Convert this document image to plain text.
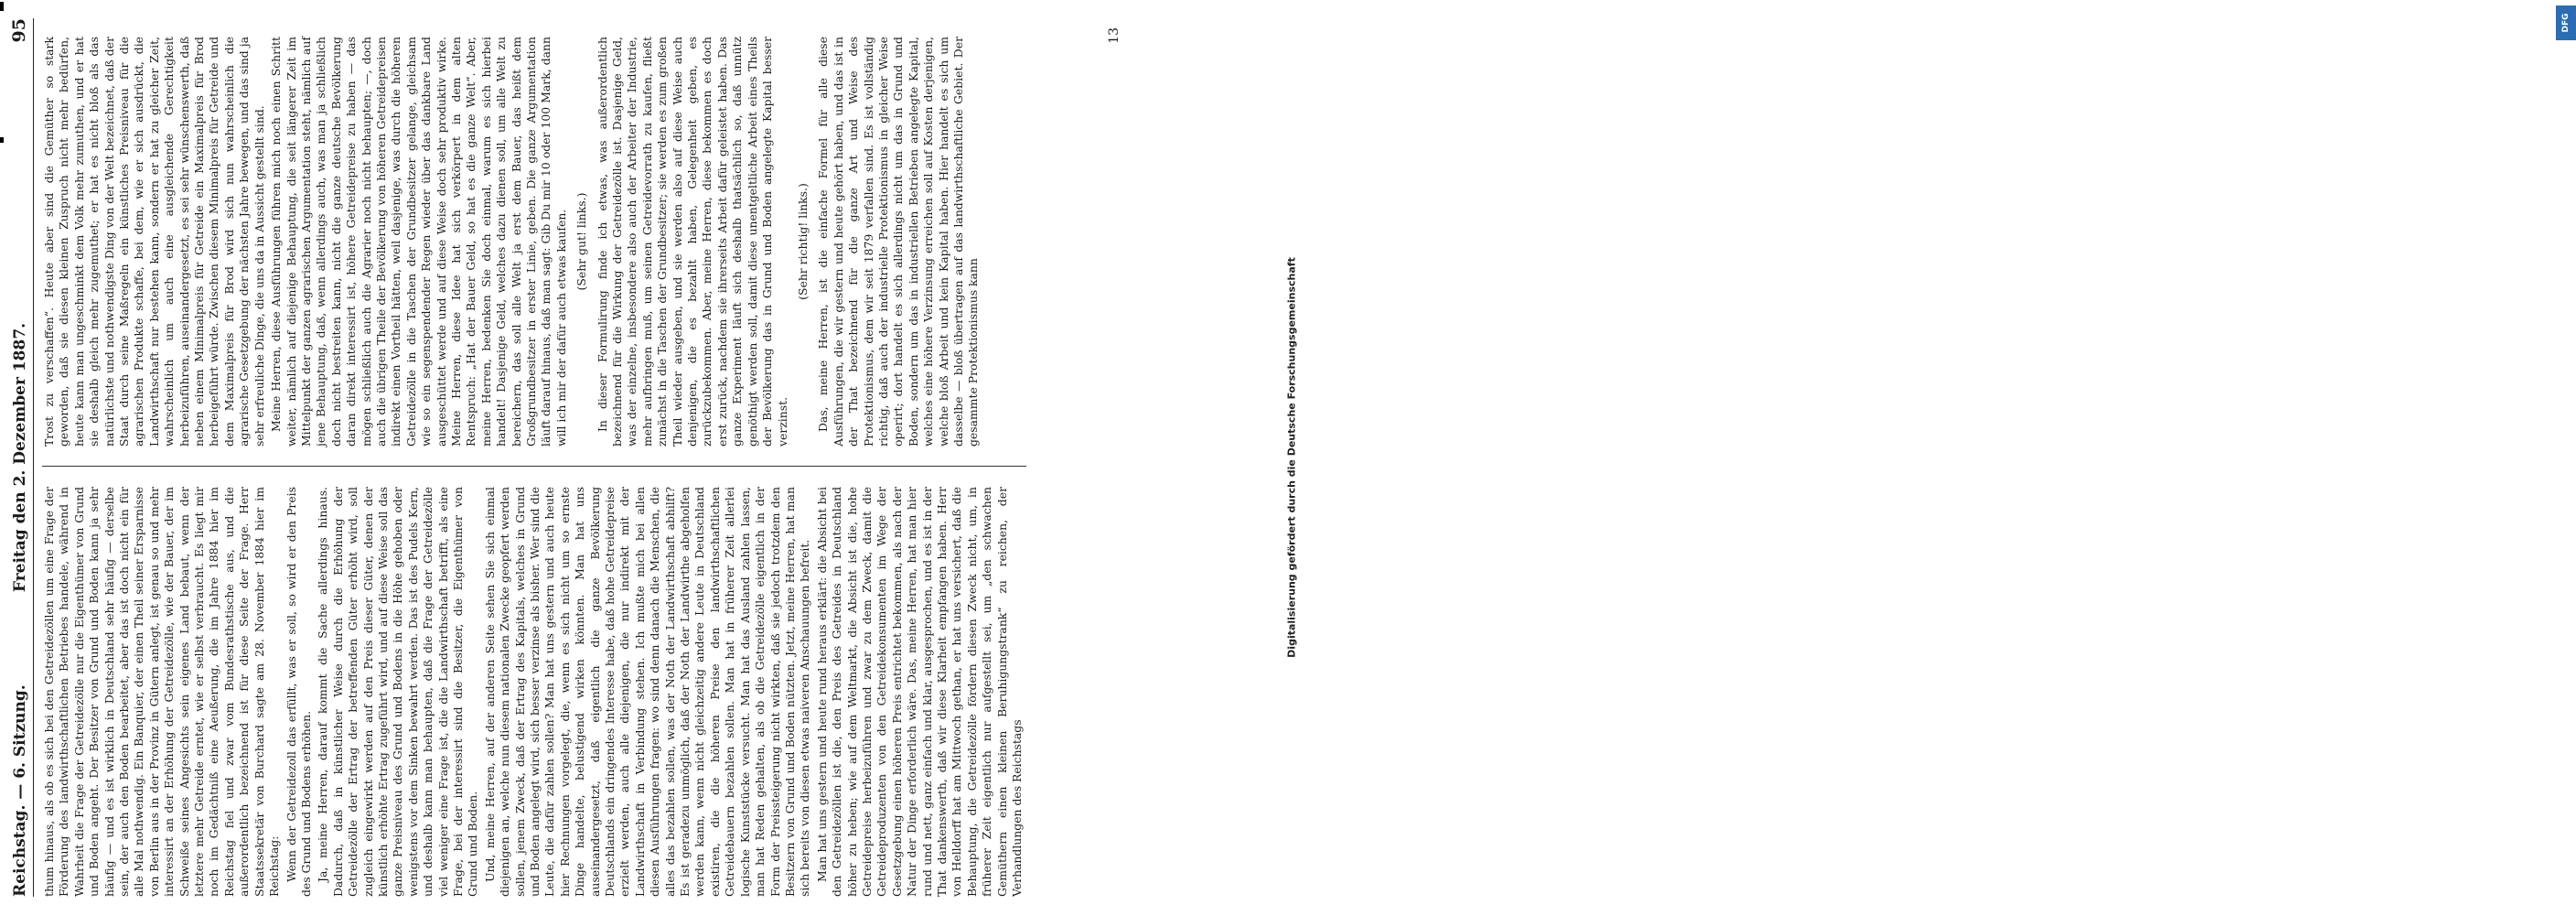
Reichstag. — 6. Sitzung.
Freitag den 2. Dezember 1887.
95

thum hinaus, als ob es sich bei den Getreidezöllen um eine Frage der Förderung des landwirthschaftlichen Betriebes handele, während in Wahrheit die Frage der Getreidezölle nur die Eigenthümer von Grund und Boden angeht. Der Besitzer von Grund und Boden kann ja sehr häufig — und es ist wirklich in Deutschland sehr häufig — derselbe sein, der auch den Boden bearbeitet, aber das ist doch nicht ein für alle Mal nothwendig. Ein Banquier, der einen Theil seiner Ersparnisse von Berlin aus in der Provinz in Gütern anlegt, ist genau so und mehr interessirt an der Erhöhung der Getreidezölle, wie der Bauer, der im Schweiße seines Angesichts sein eigenes Land bebaut, wenn der letztere mehr Getreide erntet, wie er selbst verbraucht. Es liegt mir noch im Gedächtniß eine Aeußerung, die im Jahre 1884 hier im Reichstag fiel und zwar vom Bundesrathstische aus, und die außerordentlich bezeichnend ist für diese Seite der Frage. Herr Staatssekretär von Burchard sagte am 28. November 1884 hier im Reichstag: Wenn der Getreidezoll das erfüllt, was er soll, so wird er den Preis des Grund und Bodens erhöhen. Ja, meine Herren, darauf kommt die Sache allerdings hinaus. Dadurch, daß in künstlicher Weise durch die Erhöhung der Getreidezölle der Ertrag der betreffenden Güter erhöht wird, soll zugleich eingewirkt werden auf den Preis dieser Güter, denen der künstlich erhöhte Ertrag zugeführt wird, und auf diese Weise soll das ganze Preisniveau des Grund und Bodens in die Höhe gehoben oder wenigstens vor dem Sinken bewahrt werden. Das ist des Pudels Kern, und deshalb kann man behaupten, daß die Frage der Getreidezölle viel weniger eine Frage ist, die die Landwirthschaft betrifft, als eine Frage, bei der interessirt sind die Besitzer, die Eigenthümer von Grund und Boden. Und, meine Herren, auf der anderen Seite sehen Sie sich einmal diejenigen an, welche nun diesem nationalen Zwecke geopfert werden sollen, jenem Zweck, daß der Ertrag des Kapitals, welches in Grund und Boden angelegt wird, sich besser verzinse als bisher. Wer sind die Leute, die dafür zahlen sollen? Man hat uns gestern und auch heute hier Rechnungen vorgelegt, die, wenn es sich nicht um so ernste Dinge handelte, belustigend wirken könnten. Man hat uns auseinandergesetzt, daß eigentlich die ganze Bevölkerung Deutschlands ein dringendes Interesse habe, daß hohe Getreidepreise erzielt werden, auch alle diejenigen, die nur indirekt mit der Landwirthschaft in Verbindung stehen. Ich mußte mich bei allen diesen Ausführungen fragen: wo sind denn danach die Menschen, die alles das bezahlen sollen, was der Noth der Landwirthschaft abhilft? Es ist geradezu unmöglich, daß der Noth der Landwirthe abgeholfen werden kann, wenn nicht gleichzeitig andere Leute in Deutschland existiren, die die höheren Preise den landwirthschaftlichen Getreidebauern bezahlen sollen. Man hat in früherer Zeit allerlei logische Kunststücke versucht. Man hat das Ausland zahlen lassen, man hat Reden gehalten, als ob die Getreidezölle eigentlich in der Form der Preissteigerung nicht wirkten, daß sie jedoch trotzdem den Besitzern von Grund und Boden nützten. Jetzt, meine Herren, hat man sich bereits von diesen etwas naiveren Anschauungen befreit. Man hat uns gestern und heute rund heraus erklärt: die Absicht bei den Getreidezöllen ist die, den Preis des Getreides in Deutschland höher zu heben; wie auf dem Weltmarkt, die Absicht ist die, hohe Getreidepreise herbeizuführen und zwar zu dem Zweck, damit die Getreideproduzenten von den Getreidekonsumenten im Wege der Gesetzgebung einen höheren Preis entrichtet bekommen, als nach der Natur der Dinge erforderlich wäre. Das, meine Herren, hat man hier rund und nett, ganz einfach und klar, ausgesprochen, und es ist in der That dankenswerth, daß wir diese Klarheit empfangen haben. Herr von Helldorff hat am Mittwoch gethan, er hat uns versichert, daß die Behauptung, die Getreidezölle fördern diesen Zweck nicht, um, in früherer Zeit eigentlich nur aufgestellt sei, um „den schwachen Gemüthern einen kleinen Beruhigungstrank“ zu reichen, der Verhandlungen des Reichstags

Trost zu verschaffen“. Heute aber sind die Gemüther so stark geworden, daß sie diesen kleinen Zuspruch nicht mehr bedürfen, heute kann man ungeschminkt dem Volk mehr zumuthen, und er hat sie deshalb gleich mehr zugemuthet; er hat es nicht bloß als das natürlichste und nothwendigste Ding von der Welt bezeichnet, daß der Staat durch seine Maßregeln ein künstliches Preisniveau für die agrarischen Produkte schaffe, bei dem, wie er sich ausdrückt, die Landwirthschaft nur bestehen kann, sondern er hat zu gleicher Zeit, wahrscheinlich um auch eine ausgleichende Gerechtigkeit herbeizuführen, auseinandergesetzt, es sei sehr wünschenswerth, daß neben einem Minimalpreis für Getreide ein Maximalpreis für Brod herbeigeführt würde. Zwischen diesem Minimalpreis für Getreide und dem Maximalpreis für Brod wird sich nun wahrscheinlich die agrarische Gesetzgebung der nächsten Jahre bewegen, und das sind ja sehr erfreuliche Dinge, die uns da in Aussicht gestellt sind. Meine Herren, diese Ausführungen führen mich noch einen Schritt weiter, nämlich auf diejenige Behauptung, die seit längerer Zeit im Mittelpunkt der ganzen agrarischen Argumentation steht, nämlich auf jene Behauptung, daß, wenn allerdings auch, was man ja schließlich doch nicht bestreiten kann, nicht die ganze deutsche Bevölkerung daran direkt interessirt ist, höhere Getreidepreise zu haben — das mögen schließlich auch die Agrarier noch nicht behaupten; —, doch auch die übrigen Theile der Bevölkerung von höheren Getreidepreisen indirekt einen Vortheil hätten, weil dasjenige, was durch die höheren Getreidezölle in die Taschen der Grundbesitzer gelange, gleichsam wie so ein segenspendender Regen wieder über das dankbare Land ausgeschüttet werde und auf diese Weise doch sehr produktiv wirke. Meine Herren, diese Idee hat sich verkörpert in dem alten Rentspruch: „Hat der Bauer Geld, so hat es die ganze Welt“. Aber, meine Herren, bedenken Sie doch einmal, warum es sich hierbei handelt! Dasjenige Geld, welches dazu dienen soll, um alle Welt zu bereichern, das soll alle Welt ja erst dem Bauer, das heißt dem Großgrundbesitzer in erster Linie, geben. Die ganze Argumentation läuft darauf hinaus, daß man sagt: Gib Du mir 10 oder 100 Mark, dann will ich mir der dafür auch etwas kaufen. (Sehr gut! links.) In dieser Formulirung finde ich etwas, was außerordentlich bezeichnend für die Wirkung der Getreidezölle ist. Dasjenige Geld, was der einzelne, insbesondere also auch der Arbeiter der Industrie, mehr aufbringen muß, um seinen Getreidevorrath zu kaufen, fließt zunächst in die Taschen der Grundbesitzer; sie werden es zum großen Theil wieder ausgeben, und sie werden also auf diese Weise auch denjenigen, die es bezahlt haben, Gelegenheit geben, es zurückzubekommen. Aber, meine Herren, diese bekommen es doch erst zurück, nachdem sie ihrerseits Arbeit dafür geleistet haben. Das ganze Experiment läuft sich deshalb thatsächlich so, daß unnütz genöthigt werden soll, damit diese unentgeltliche Arbeit eines Theils der Bevölkerung das in Grund und Boden angelegte Kapital besser verzinst.

(Sehr richtig! links.) Das, meine Herren, ist die einfache Formel für alle diese Ausführungen, die wir gestern und heute gehört haben, und das ist in der That bezeichnend für die ganze Art und Weise des Protektionismus, dem wir seit 1879 verfallen sind. Es ist vollständig richtig, daß auch der industrielle Protektionismus in gleicher Weise operirt; dort handelt es sich allerdings nicht um das in Grund und Boden, sondern um das in industriellen Betrieben angelegte Kapital, welches eine höhere Verzinsung erreichen soll auf Kosten derjenigen, welche bloß Arbeit und kein Kapital haben. Hier handelt es sich um dasselbe — bloß übertragen auf das landwirthschaftliche Gebiet. Der gesammte Protektionismus kann

13
DFG
Digitalisierung gefördert durch die Deutsche Forschungsgemeinschaft
